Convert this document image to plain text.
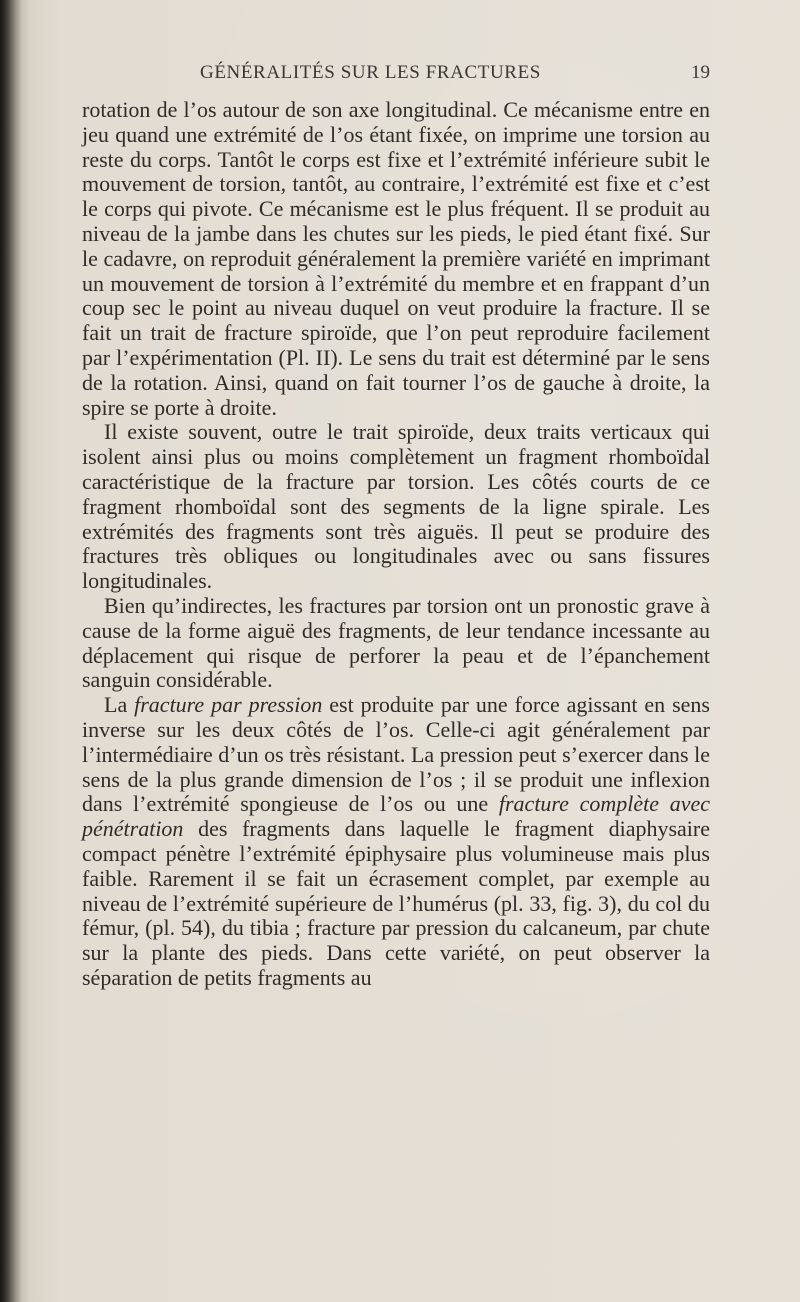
GÉNÉRALITÉS SUR LES FRACTURES	19

rotation de l’os autour de son axe longitudinal. Ce mécanisme entre en jeu quand une extrémité de l’os étant fixée, on imprime une torsion au reste du corps. Tantôt le corps est fixe et l’extrémité inférieure subit le mouvement de torsion, tantôt, au contraire, l’extrémité est fixe et c’est le corps qui pivote. Ce mécanisme est le plus fréquent. Il se produit au niveau de la jambe dans les chutes sur les pieds, le pied étant fixé. Sur le cadavre, on reproduit généralement la première variété en imprimant un mouvement de torsion à l’extrémité du membre et en frappant d’un coup sec le point au niveau duquel on veut produire la fracture. Il se fait un trait de fracture spiroïde, que l’on peut reproduire facilement par l’expérimentation (Pl. II). Le sens du trait est déterminé par le sens de la rotation. Ainsi, quand on fait tourner l’os de gauche à droite, la spire se porte à droite.

Il existe souvent, outre le trait spiroïde, deux traits verticaux qui isolent ainsi plus ou moins complètement un fragment rhomboïdal caractéristique de la fracture par torsion. Les côtés courts de ce fragment rhomboïdal sont des segments de la ligne spirale. Les extrémités des fragments sont très aiguës. Il peut se produire des fractures très obliques ou longitudinales avec ou sans fissures longitudinales.

Bien qu’indirectes, les fractures par torsion ont un pronostic grave à cause de la forme aiguë des fragments, de leur tendance incessante au déplacement qui risque de perforer la peau et de l’épanchement sanguin considérable.

La fracture par pression est produite par une force agissant en sens inverse sur les deux côtés de l’os. Celle-ci agit généralement par l’intermédiaire d’un os très résistant. La pression peut s’exercer dans le sens de la plus grande dimension de l’os ; il se produit une inflexion dans l’extrémité spongieuse de l’os ou une fracture complète avec pénétration des fragments dans laquelle le fragment diaphysaire compact pénètre l’extrémité épiphysaire plus volumineuse mais plus faible. Rarement il se fait un écrasement complet, par exemple au niveau de l’extrémité supérieure de l’humérus (pl. 33, fig. 3), du col du fémur, (pl. 54), du tibia ; fracture par pression du calcaneum, par chute sur la plante des pieds. Dans cette variété, on peut observer la séparation de petits fragments au
